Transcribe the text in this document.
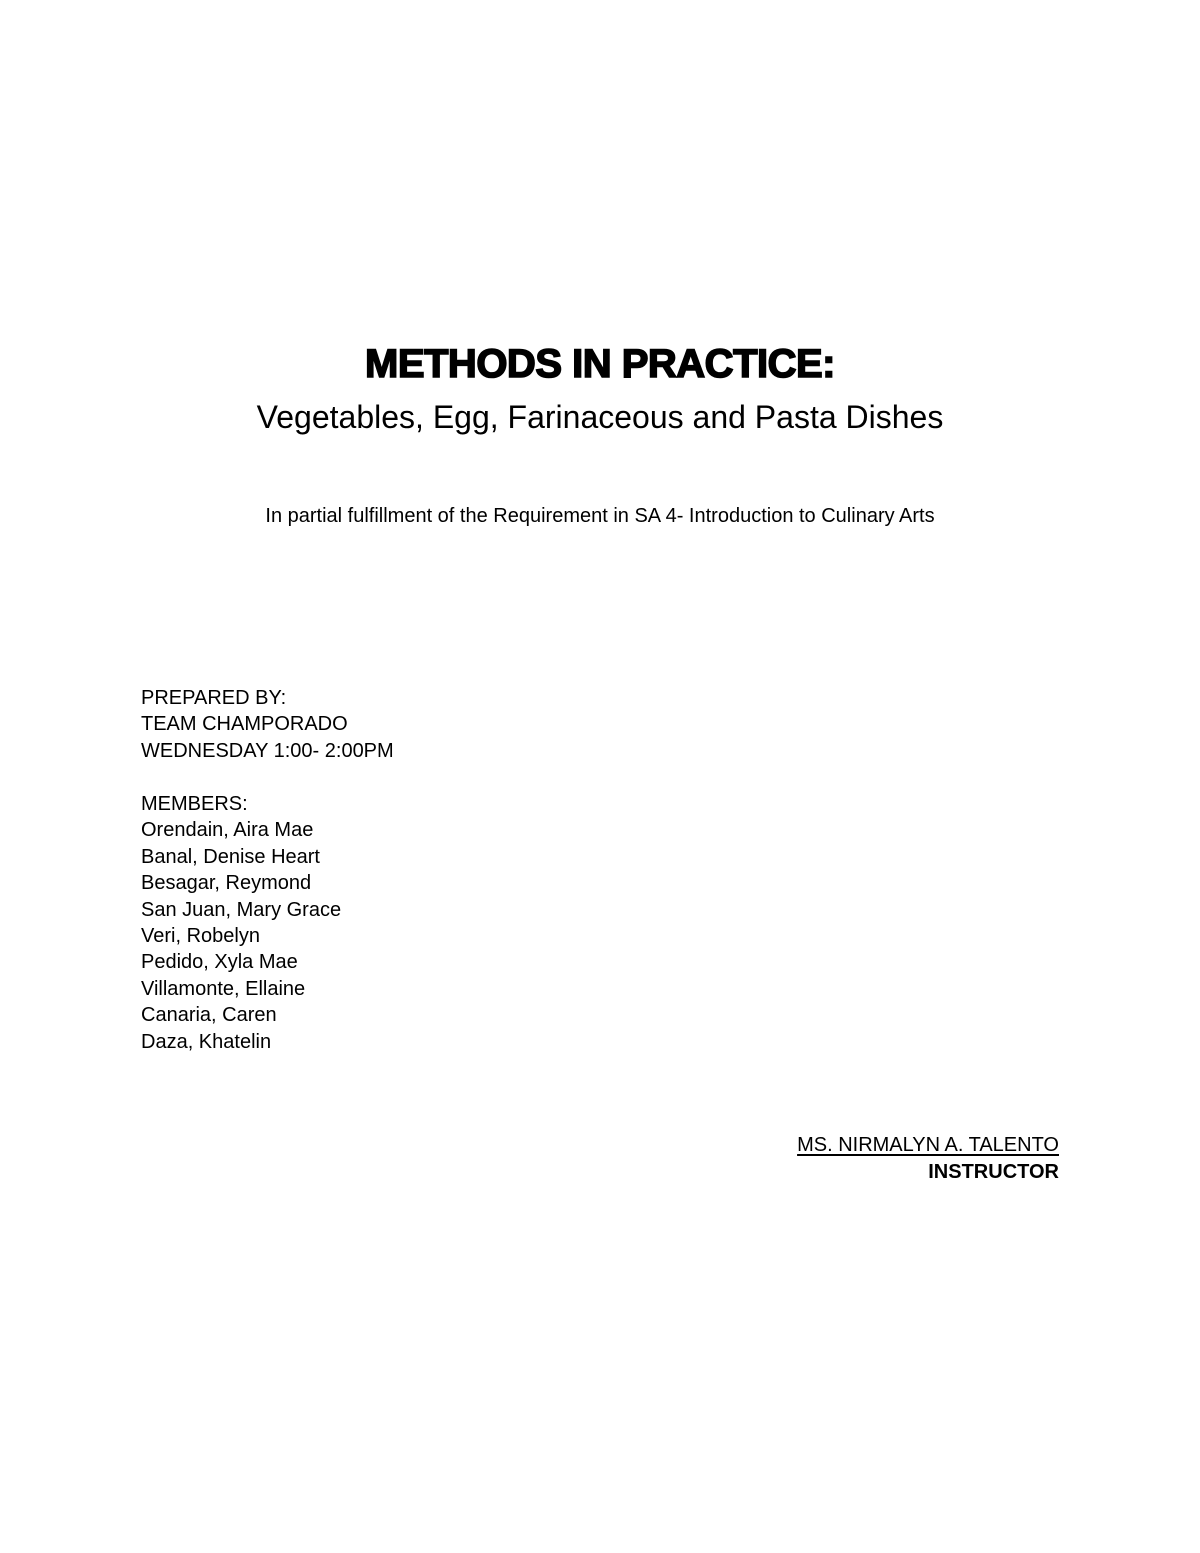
METHODS IN PRACTICE:
Vegetables, Egg, Farinaceous and Pasta Dishes
In partial fulfillment of the Requirement in SA 4- Introduction to Culinary Arts
PREPARED BY:
TEAM CHAMPORADO
WEDNESDAY 1:00- 2:00PM
MEMBERS:
Orendain, Aira Mae
Banal, Denise Heart
Besagar, Reymond
San Juan, Mary Grace
Veri, Robelyn
Pedido, Xyla Mae
Villamonte, Ellaine
Canaria, Caren
Daza, Khatelin
MS. NIRMALYN A. TALENTO
INSTRUCTOR
